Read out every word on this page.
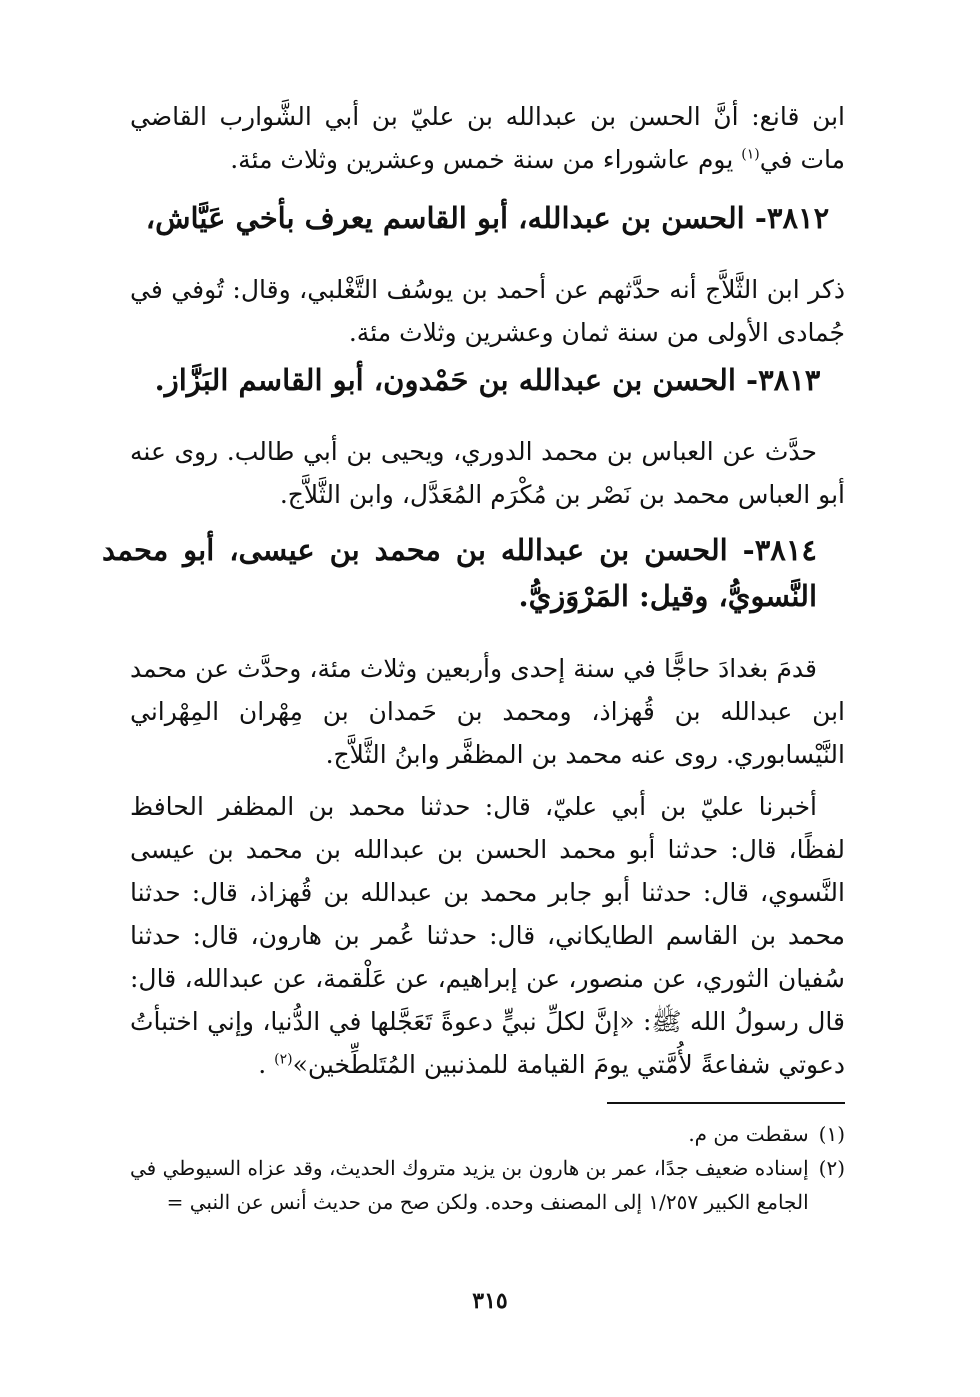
ابن قانع: أنَّ الحسن بن عبدالله بن عليّ بن أبي الشَّوارب القاضي مات في$^{(١)}$ يوم عاشوراء من سنة خمس وعشرين وثلاث مئة.

٣٨١٢- الحسن بن عبدالله، أبو القاسم يعرف بأخي عَيَّاش،

ذكر ابن الثَّلاَّج أنه حدَّثهم عن أحمد بن يوسُف التَّغْلبي، وقال: تُوفي في جُمادى الأولى من سنة ثمان وعشرين وثلاث مئة.

٣٨١٣- الحسن بن عبدالله بن حَمْدون، أبو القاسم البَزَّاز.

حدَّث عن العباس بن محمد الدوري، ويحيى بن أبي طالب. روى عنه أبو العباس محمد بن نَصْر بن مُكْرَم المُعَدَّل، وابن الثَّلاَّج.

٣٨١٤- الحسن بن عبدالله بن محمد بن عيسى، أبو محمد النَّسويُّ، وقيل: المَرْوَزيُّ.

قدمَ بغدادَ حاجًّا في سنة إحدى وأربعين وثلاث مئة، وحدَّث عن محمد ابن عبدالله بن قُهزاذ، ومحمد بن حَمدان بن مِهْران المِهْراني النَّيْسابوري. روى عنه محمد بن المظفَّر وابنُ الثَّلاَّج.

أخبرنا عليّ بن أبي عليّ، قال: حدثنا محمد بن المظفر الحافظ لفظًا، قال: حدثنا أبو محمد الحسن بن عبدالله بن محمد بن عيسى النَّسوي، قال: حدثنا أبو جابر محمد بن عبدالله بن قُهزاذ، قال: حدثنا محمد بن القاسم الطايكاني، قال: حدثنا عُمر بن هارون، قال: حدثنا سُفيان الثوري، عن منصور، عن إبراهيم، عن عَلْقمة، عن عبدالله، قال: قال رسولُ الله ﷺ: «إنَّ لكلِّ نبيٍّ دعوةً تَعَجَّلها في الدُّنيا، وإني اختبأتُ دعوتي شفاعةً لأُمَّتي يومَ القيامة للمذنبين المُتَلطِّخين»$^{(٢)}$ .

(١)
سقطت من م.
(٢)
إسناده ضعيف جدًا، عمر بن هارون بن يزيد متروك الحديث، وقد عزاه السيوطي في الجامع الكبير ١/٢٥٧ إلى المصنف وحده. ولكن صح من حديث أنس عن النبي =
٣١٥
